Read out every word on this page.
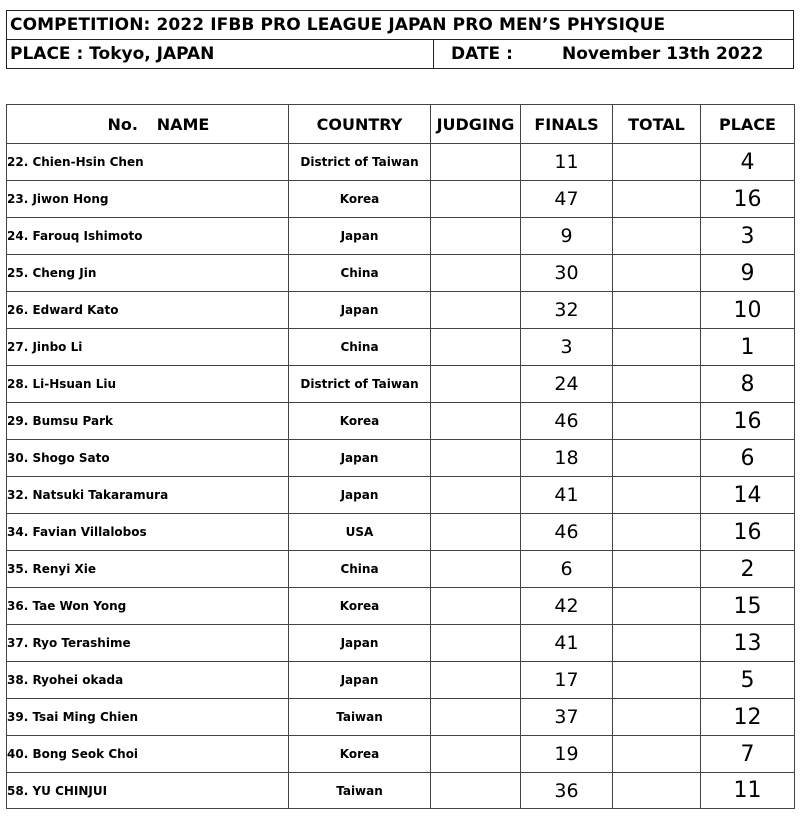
COMPETITION: 2022 IFBB PRO LEAGUE JAPAN PRO MEN’S PHYSIQUE
PLACE : Tokyo, JAPAN	DATE :	November 13th 2022
No. NAME	COUNTRY	JUDGING	FINALS	TOTAL	PLACE
22. Chien-Hsin Chen	District of Taiwan		11		4
23. Jiwon Hong	Korea		47		16
24. Farouq Ishimoto	Japan		9		3
25. Cheng Jin	China		30		9
26. Edward Kato	Japan		32		10
27. Jinbo Li	China		3		1
28. Li-Hsuan Liu	District of Taiwan		24		8
29. Bumsu Park	Korea		46		16
30. Shogo Sato	Japan		18		6
32. Natsuki Takaramura	Japan		41		14
34. Favian Villalobos	USA		46		16
35. Renyi Xie	China		6		2
36. Tae Won Yong	Korea		42		15
37. Ryo Terashime	Japan		41		13
38. Ryohei okada	Japan		17		5
39. Tsai Ming Chien	Taiwan		37		12
40. Bong Seok Choi	Korea		19		7
58. YU CHINJUI	Taiwan		36		11
